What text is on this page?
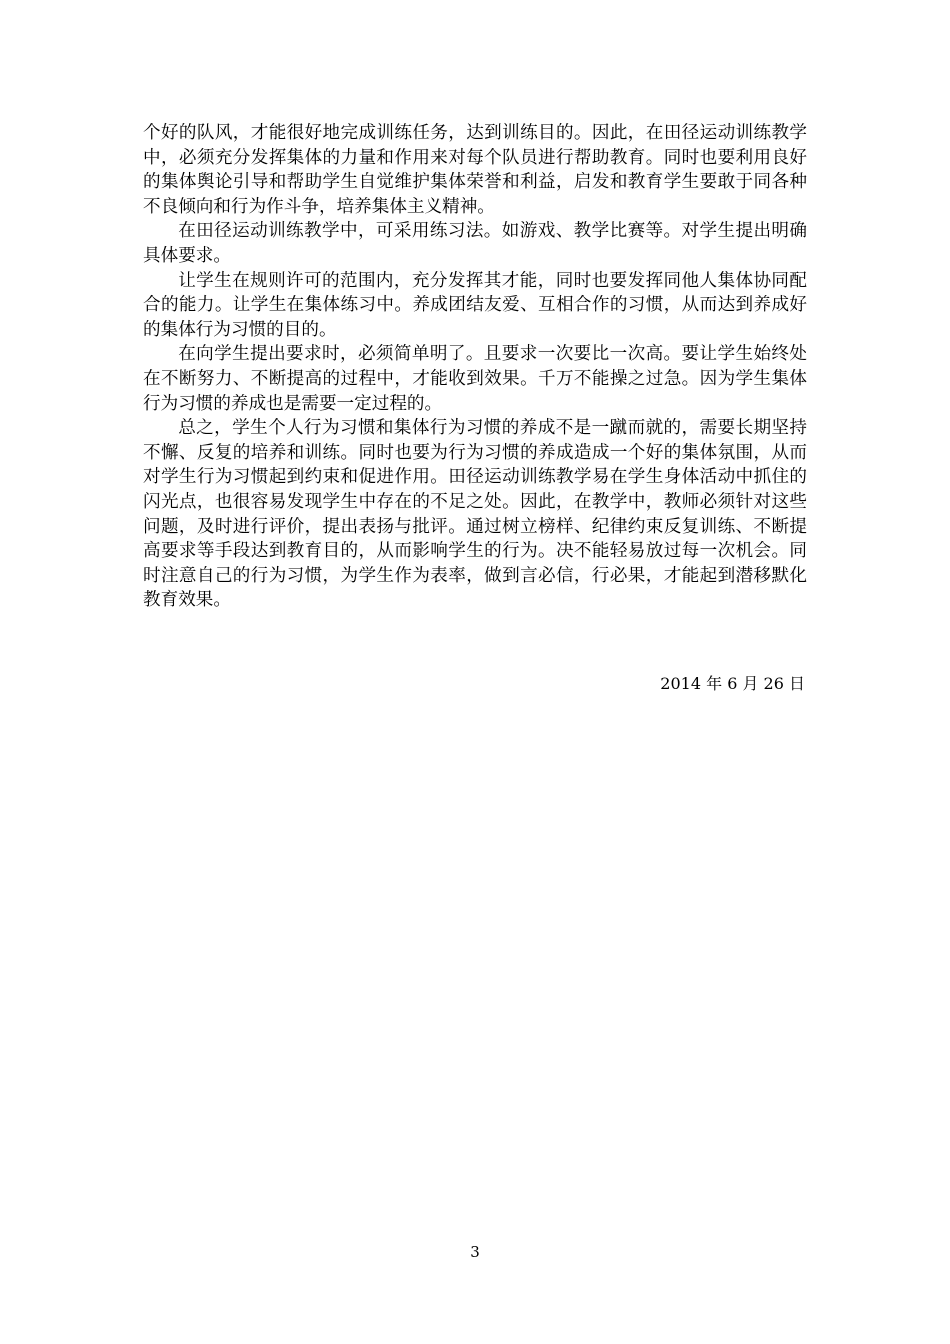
个好的队风，才能很好地完成训练任务，达到训练目的。因此，在田径运动训练教学中，必须充分发挥集体的力量和作用来对每个队员进行帮助教育。同时也要利用良好的集体舆论引导和帮助学生自觉维护集体荣誉和利益，启发和教育学生要敢于同各种不良倾向和行为作斗争，培养集体主义精神。

在田径运动训练教学中，可采用练习法。如游戏、教学比赛等。对学生提出明确具体要求。

让学生在规则许可的范围内，充分发挥其才能，同时也要发挥同他人集体协同配合的能力。让学生在集体练习中。养成团结友爱、互相合作的习惯，从而达到养成好的集体行为习惯的目的。

在向学生提出要求时，必须简单明了。且要求一次要比一次高。要让学生始终处在不断努力、不断提高的过程中，才能收到效果。千万不能操之过急。因为学生集体行为习惯的养成也是需要一定过程的。

总之，学生个人行为习惯和集体行为习惯的养成不是一蹴而就的，需要长期坚持不懈、反复的培养和训练。同时也要为行为习惯的养成造成一个好的集体氛围，从而对学生行为习惯起到约束和促进作用。田径运动训练教学易在学生身体活动中抓住的闪光点，也很容易发现学生中存在的不足之处。因此，在教学中，教师必须针对这些问题，及时进行评价，提出表扬与批评。通过树立榜样、纪律约束反复训练、不断提高要求等手段达到教育目的，从而影响学生的行为。决不能轻易放过每一次机会。同时注意自己的行为习惯，为学生作为表率，做到言必信，行必果，才能起到潜移默化教育效果。

2014 年 6 月 26 日
3
